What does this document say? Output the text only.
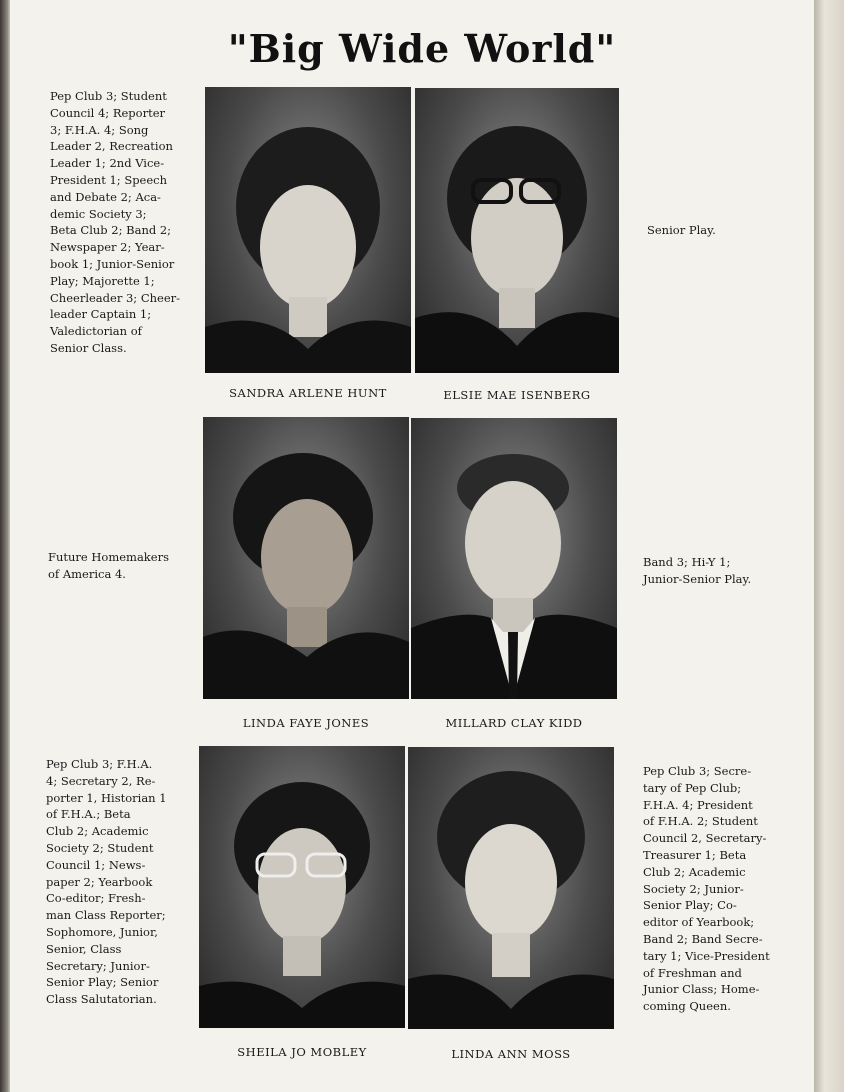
"Big Wide World"
Pep Club 3; Student
Council 4; Reporter
3; F.H.A. 4; Song
Leader 2, Recreation
Leader 1; 2nd Vice-
President 1; Speech
and Debate 2; Aca-
demic Society 3;
Beta Club 2; Band 2;
Newspaper 2; Year-
book 1; Junior-Senior
Play; Majorette 1;
Cheerleader 3; Cheer-
leader Captain 1;
Valedictorian of
Senior Class.
Senior Play.
SANDRA ARLENE HUNT	ELSIE MAE ISENBERG
Future Homemakers
of America 4.
Band 3; Hi-Y 1;
Junior-Senior Play.
LINDA FAYE JONES	MILLARD CLAY KIDD
Pep Club 3; F.H.A.
4; Secretary 2, Re-
porter 1, Historian 1
of F.H.A.; Beta
Club 2; Academic
Society 2; Student
Council 1; News-
paper 2; Yearbook
Co-editor; Fresh-
man Class Reporter;
Sophomore, Junior,
Senior, Class
Secretary; Junior-
Senior Play; Senior
Class Salutatorian.
Pep Club 3; Secre-
tary of Pep Club;
F.H.A. 4; President
of F.H.A. 2; Student
Council 2, Secretary-
Treasurer 1; Beta
Club 2; Academic
Society 2; Junior-
Senior Play; Co-
editor of Yearbook;
Band 2; Band Secre-
tary 1; Vice-President
of Freshman and
Junior Class; Home-
coming Queen.
SHEILA JO MOBLEY	LINDA ANN MOSS
